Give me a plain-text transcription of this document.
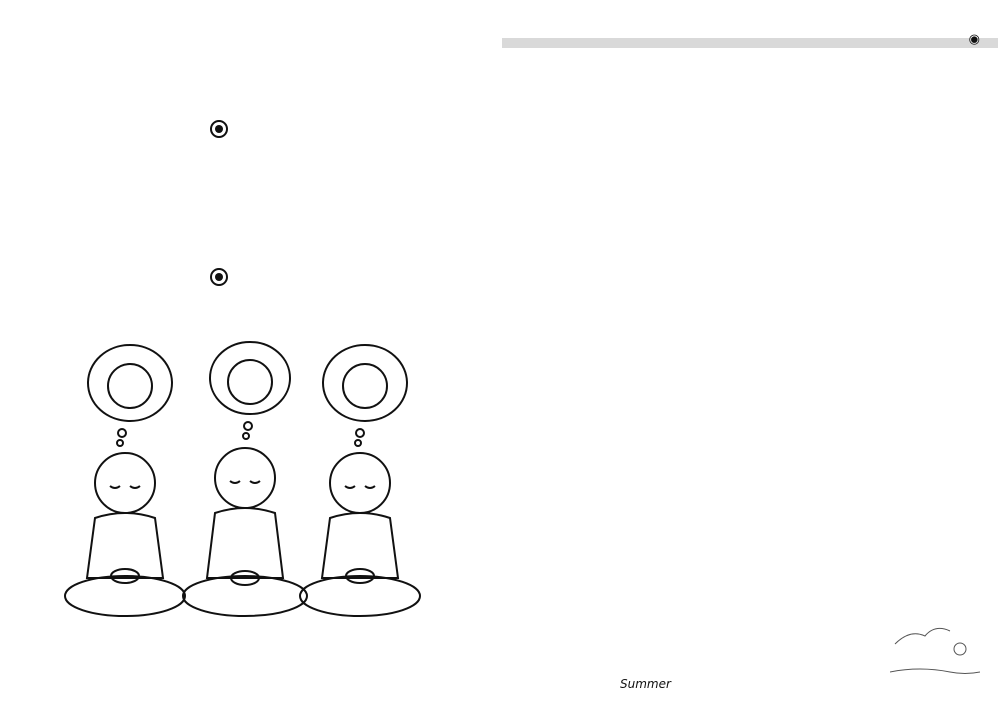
◉

Summer
